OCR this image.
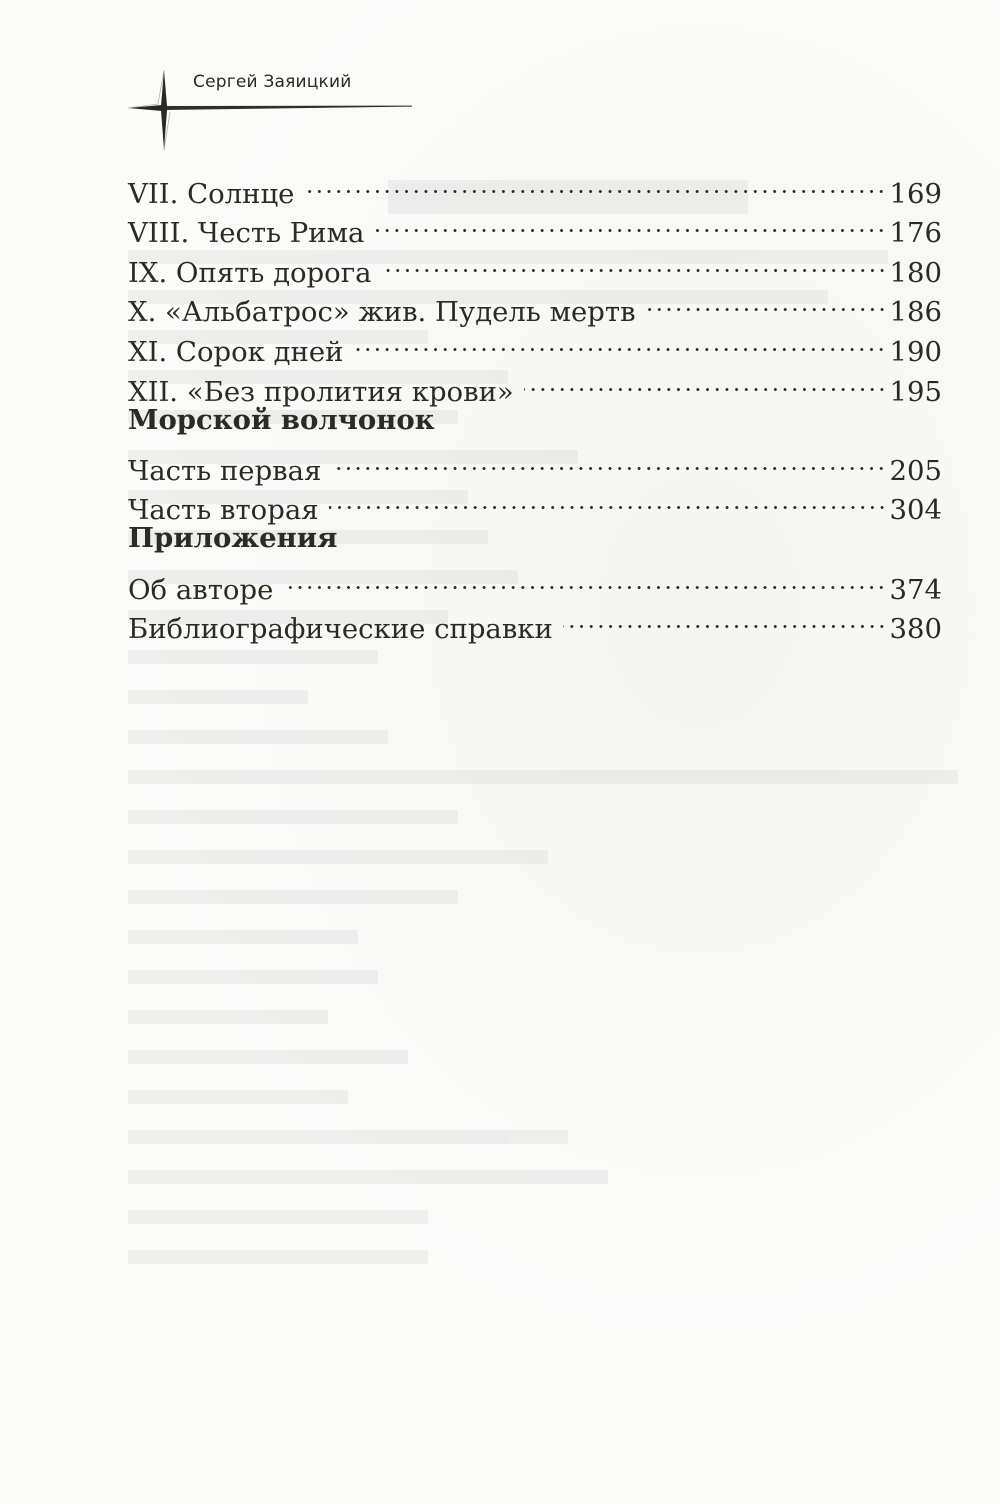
Сергей Заяицкий
VII. Солнце	169
VIII. Честь Рима	176
IX. Опять дорога	180
X. «Альбатрос» жив. Пудель мертв	186
XI. Сорок дней	190
XII. «Без пролития крови»	195
Морской волчонок
Часть первая	205
Часть вторая	304
Приложения
Об авторе	374
Библиографические справки	380
